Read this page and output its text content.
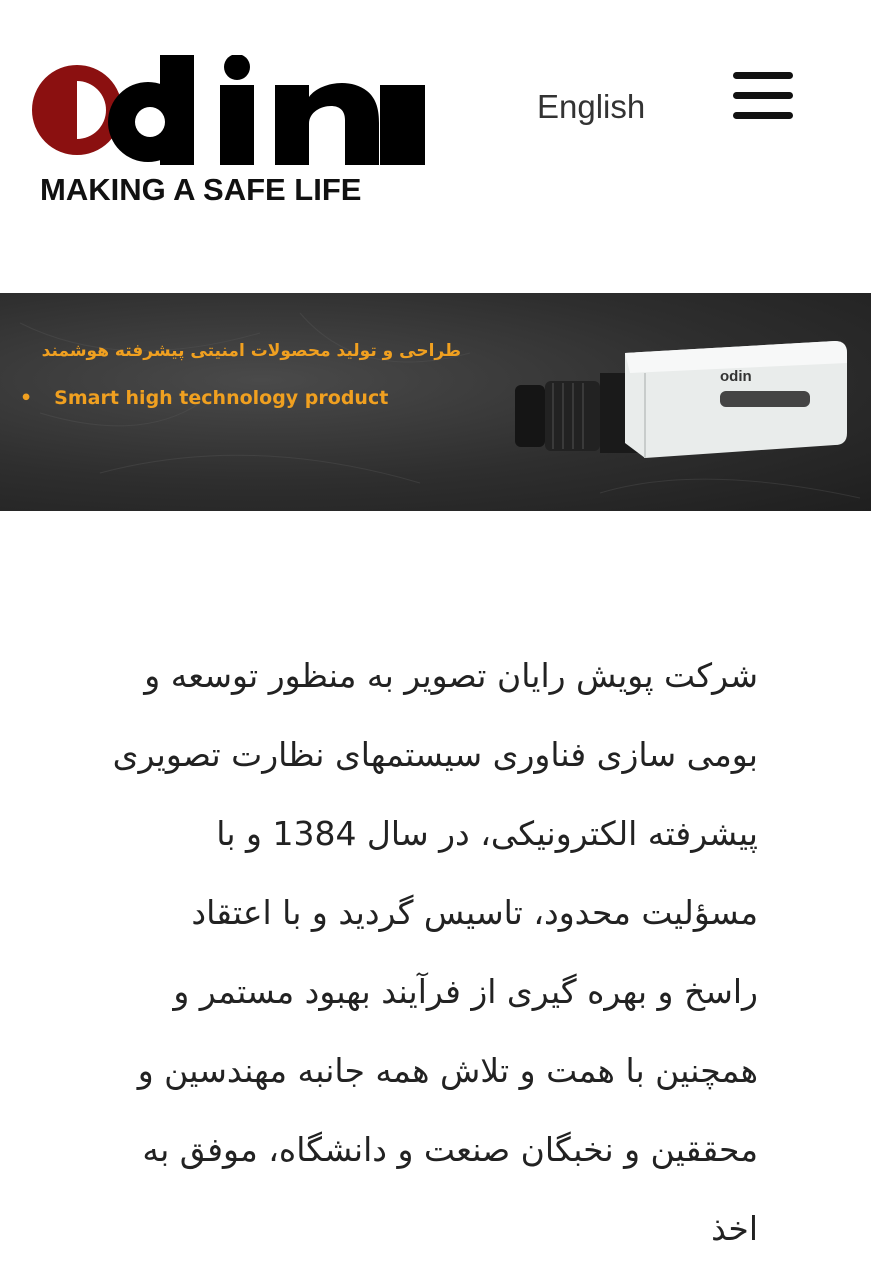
MAKING A SAFE LIFE
English
طراحی و تولید محصولات امنیتی پیشرفته هوشمند
• Smart high technology product
odin
شرکت پویش رایان تصویر به منظور توسعه و بومی سازی فناوری سیستمهای نظارت تصویری پیشرفته الکترونیکی، در سال 1384 و با مسؤلیت محدود، تاسیس گردید و با اعتقاد راسخ و بهره گیری از فرآیند بهبود مستمر و همچنین با همت و تلاش همه جانبه مهندسین و محققین و نخبگان صنعت و دانشگاه، موفق به اخذ
